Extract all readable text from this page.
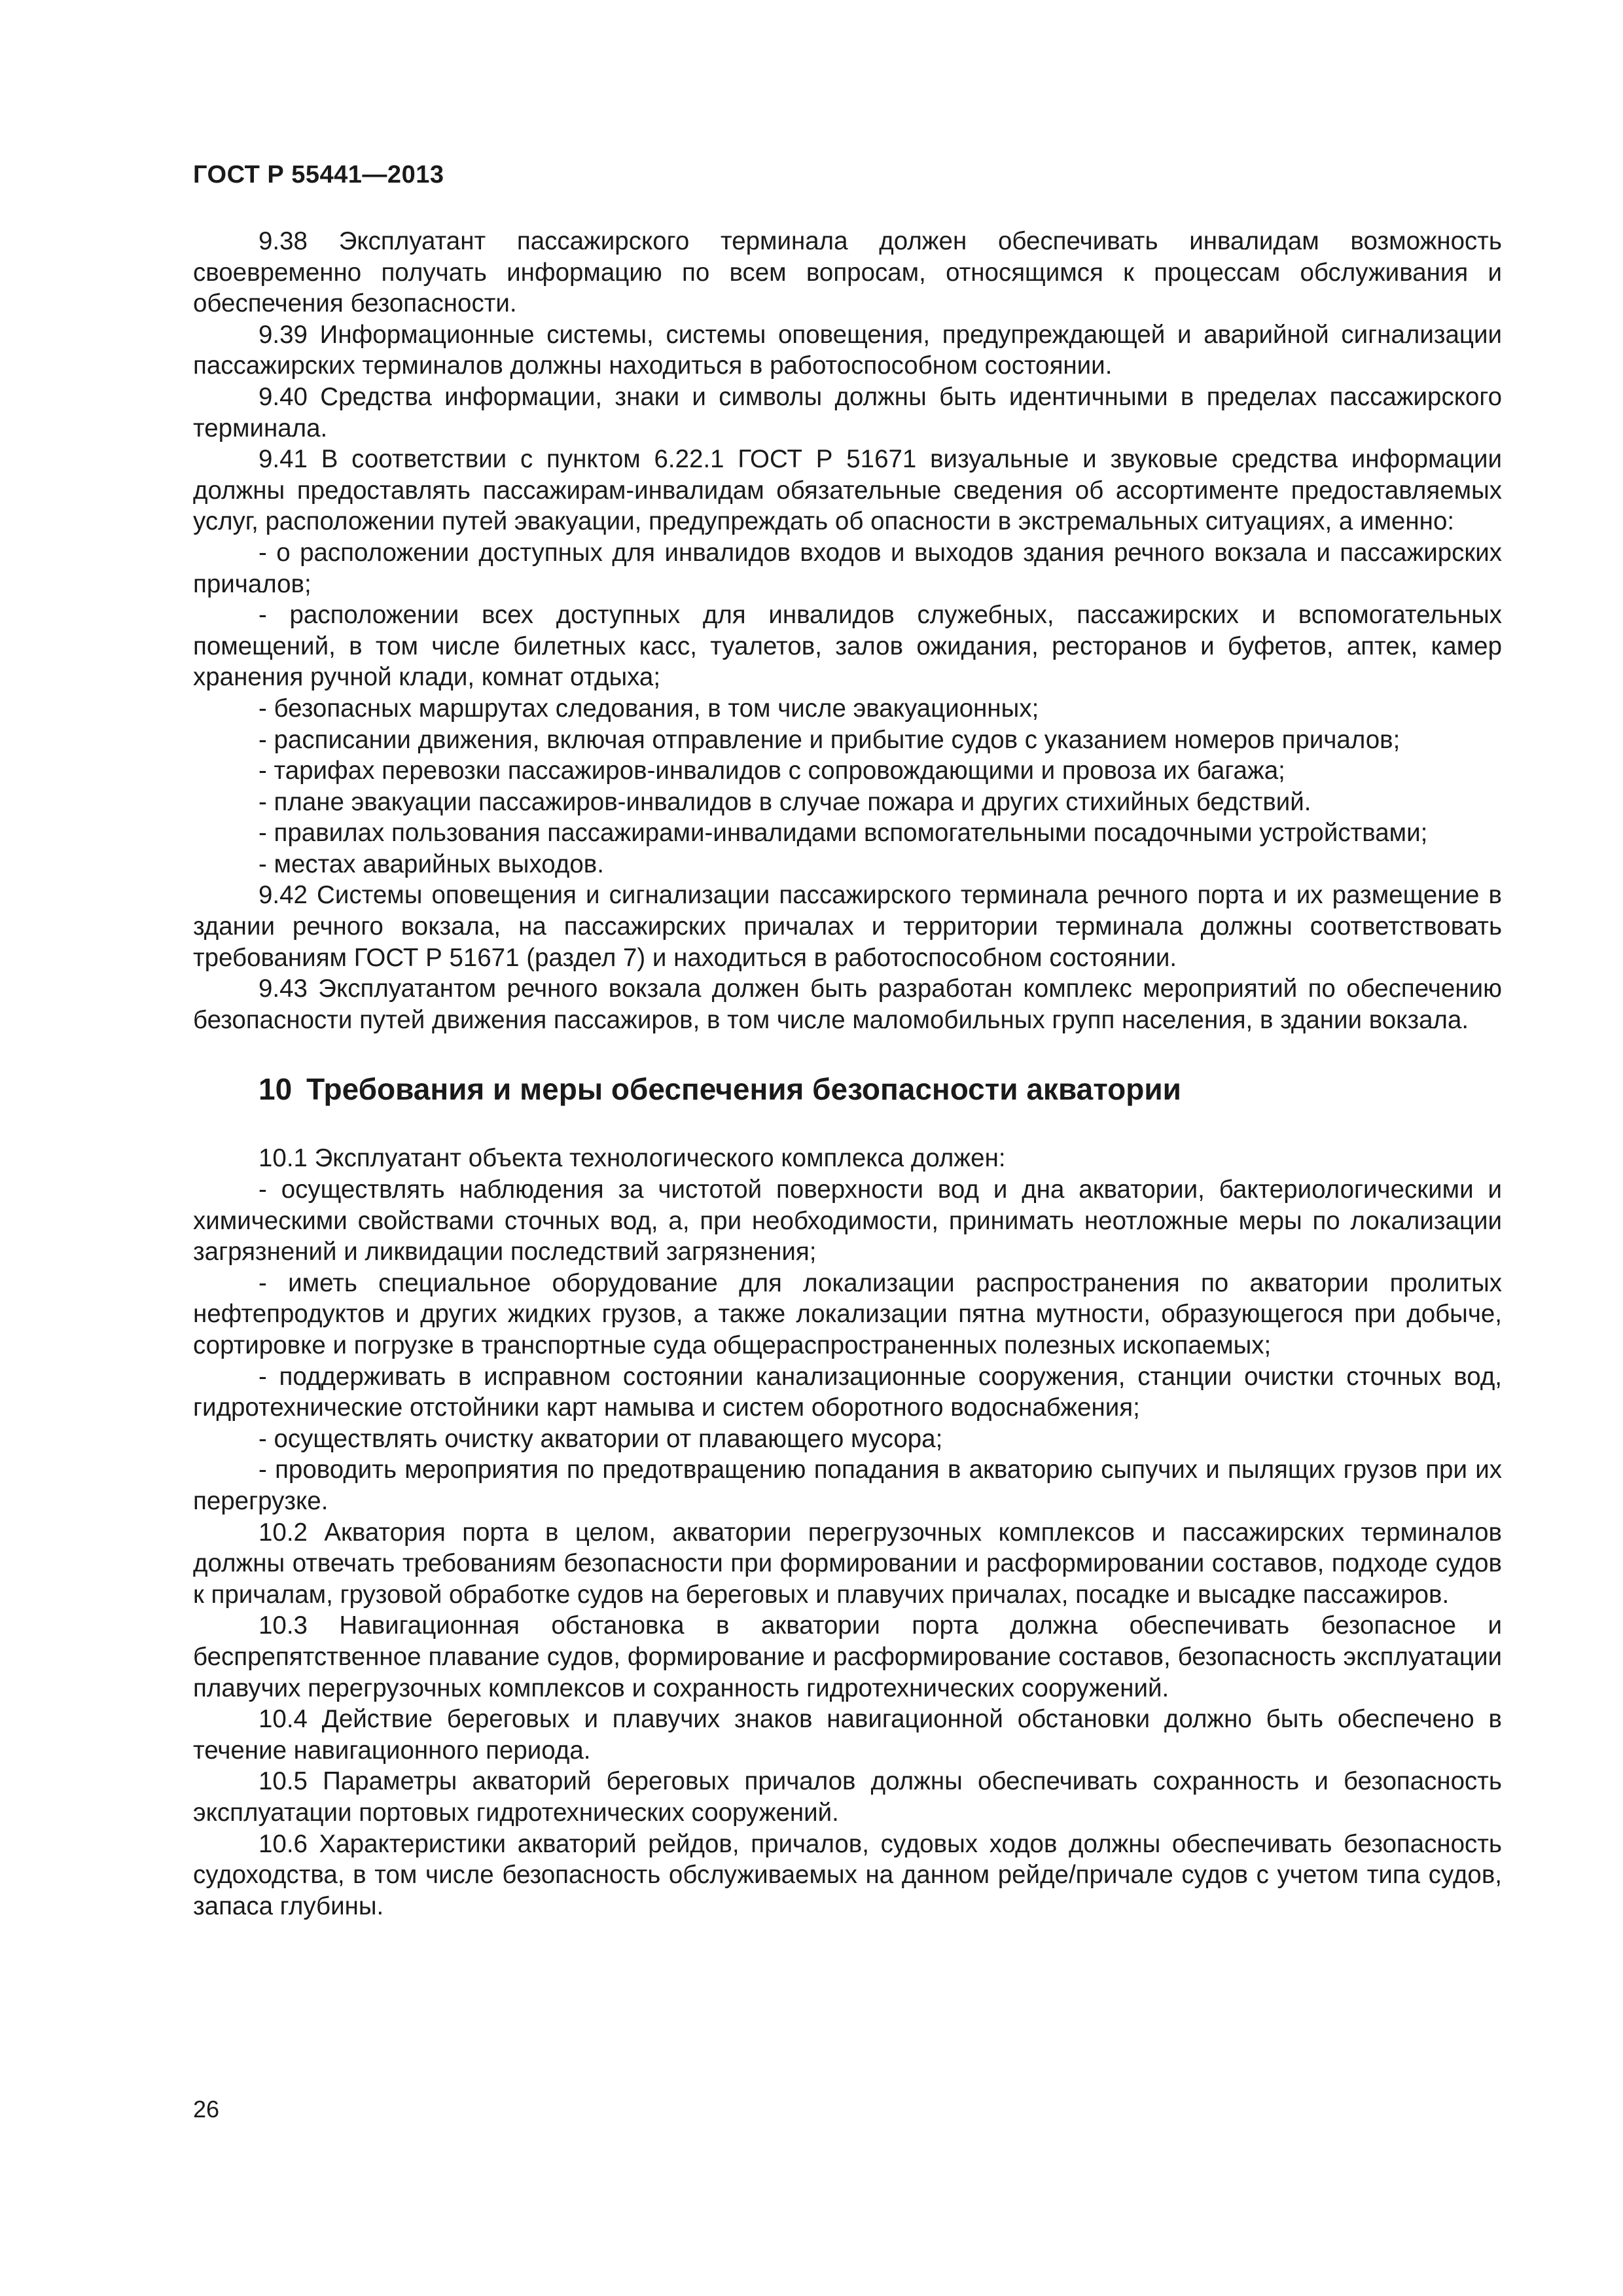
ГОСТ Р 55441—2013

9.38 Эксплуатант пассажирского терминала должен обеспечивать инвалидам возможность своевременно получать информацию по всем вопросам, относящимся к процессам обслуживания и обеспечения безопасности.

9.39 Информационные системы, системы оповещения, предупреждающей и аварийной сигнализации пассажирских терминалов должны находиться в работоспособном состоянии.

9.40 Средства информации, знаки и символы должны быть идентичными в пределах пассажирского терминала.

9.41 В соответствии с пунктом 6.22.1 ГОСТ Р 51671 визуальные и звуковые средства информации должны предоставлять пассажирам-инвалидам обязательные сведения об ассортименте предоставляемых услуг, расположении путей эвакуации, предупреждать об опасности в экстремальных ситуациях, а именно:

- о расположении доступных для инвалидов входов и выходов здания речного вокзала и пассажирских причалов;

- расположении всех доступных для инвалидов служебных, пассажирских и вспомогательных помещений, в том числе билетных касс, туалетов, залов ожидания, ресторанов и буфетов, аптек, камер хранения ручной клади, комнат отдыха;

- безопасных маршрутах следования, в том числе эвакуационных;

- расписании движения, включая отправление и прибытие судов с указанием номеров причалов;

- тарифах перевозки пассажиров-инвалидов с сопровождающими и провоза их багажа;

- плане эвакуации пассажиров-инвалидов в случае пожара и других стихийных бедствий.

- правилах пользования пассажирами-инвалидами вспомогательными посадочными устройствами;

- местах аварийных выходов.

9.42 Системы оповещения и сигнализации пассажирского терминала речного порта и их размещение в здании речного вокзала, на пассажирских причалах и территории терминала должны соответствовать требованиям ГОСТ Р 51671 (раздел 7) и находиться в работоспособном состоянии.

9.43 Эксплуатантом речного вокзала должен быть разработан комплекс мероприятий по обеспечению безопасности путей движения пассажиров, в том числе маломобильных групп населения, в здании вокзала.

10 Требования и меры обеспечения безопасности акватории

10.1 Эксплуатант объекта технологического комплекса должен:

- осуществлять наблюдения за чистотой поверхности вод и дна акватории, бактериологическими и химическими свойствами сточных вод, а, при необходимости, принимать неотложные меры по локализации загрязнений и ликвидации последствий загрязнения;

- иметь специальное оборудование для локализации распространения по акватории пролитых нефтепродуктов и других жидких грузов, а также локализации пятна мутности, образующегося при добыче, сортировке и погрузке в транспортные суда общераспространенных полезных ископаемых;

- поддерживать в исправном состоянии канализационные сооружения, станции очистки сточных вод, гидротехнические отстойники карт намыва и систем оборотного водоснабжения;

- осуществлять очистку акватории от плавающего мусора;

- проводить мероприятия по предотвращению попадания в акваторию сыпучих и пылящих грузов при их перегрузке.

10.2 Акватория порта в целом, акватории перегрузочных комплексов и пассажирских терминалов должны отвечать требованиям безопасности при формировании и расформировании составов, подходе судов к причалам, грузовой обработке судов на береговых и плавучих причалах, посадке и высадке пассажиров.

10.3 Навигационная обстановка в акватории порта должна обеспечивать безопасное и беспрепятственное плавание судов, формирование и расформирование составов, безопасность эксплуатации плавучих перегрузочных комплексов и сохранность гидротехнических сооружений.

10.4 Действие береговых и плавучих знаков навигационной обстановки должно быть обеспечено в течение навигационного периода.

10.5 Параметры акваторий береговых причалов должны обеспечивать сохранность и безопасность эксплуатации портовых гидротехнических сооружений.

10.6 Характеристики акваторий рейдов, причалов, судовых ходов должны обеспечивать безопасность судоходства, в том числе безопасность обслуживаемых на данном рейде/причале судов с учетом типа судов, запаса глубины.

26
